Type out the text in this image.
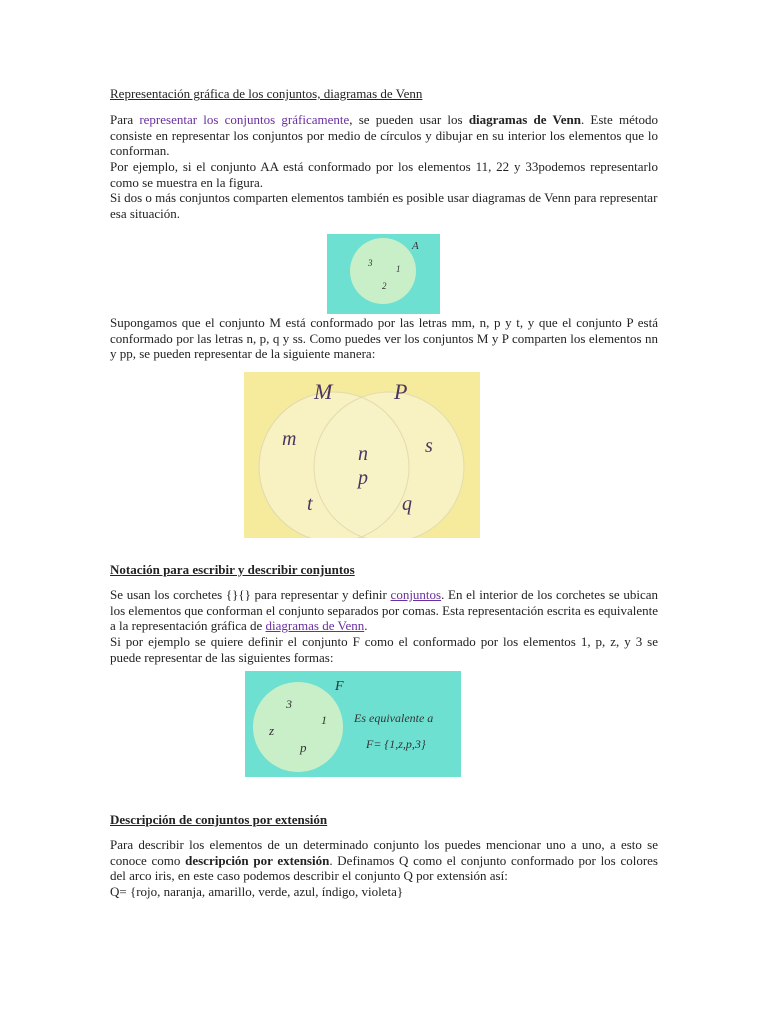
Representación gráfica de los conjuntos, diagramas de Venn

Para representar los conjuntos gráficamente, se pueden usar los diagramas de Venn. Este método consiste en representar los conjuntos por medio de círculos y dibujar en su interior los elementos que lo conforman.

Por ejemplo, si el conjunto AA está conformado por los elementos 11, 22 y 33podemos representarlo como se muestra en la figura.

Si dos o más conjuntos comparten elementos también es posible usar diagramas de Venn para representar esa situación.

Supongamos que el conjunto M está conformado por las letras mm, n, p y t, y que el conjunto P está conformado por las letras n, p, q y ss. Como puedes ver los conjuntos M y P comparten los elementos nn y pp, se pueden representar de la siguiente manera:

Notación para escribir y describir conjuntos

Se usan los corchetes {}{} para representar y definir conjuntos. En el interior de los corchetes se ubican los elementos que conforman el conjunto separados por comas. Esta representación escrita es equivalente a la representación gráfica de diagramas de Venn.

Si por ejemplo se quiere definir el conjunto F como el conformado por los elementos 1, p, z, y 3 se puede representar de las siguientes formas:

Descripción de conjuntos por extensión

Para describir los elementos de un determinado conjunto los puedes mencionar uno a uno, a esto se conoce como descripción por extensión. Definamos Q como el conjunto conformado por los colores del arco iris, en este caso podemos describir el conjunto Q por extensión así:

Q= {rojo, naranja, amarillo, verde, azul, índigo, violeta}

A
3
1
2
M	P
m
t
n
p
s
q
F
3
1
z
p
Es equivalente a
F= {1,z,p,3}
